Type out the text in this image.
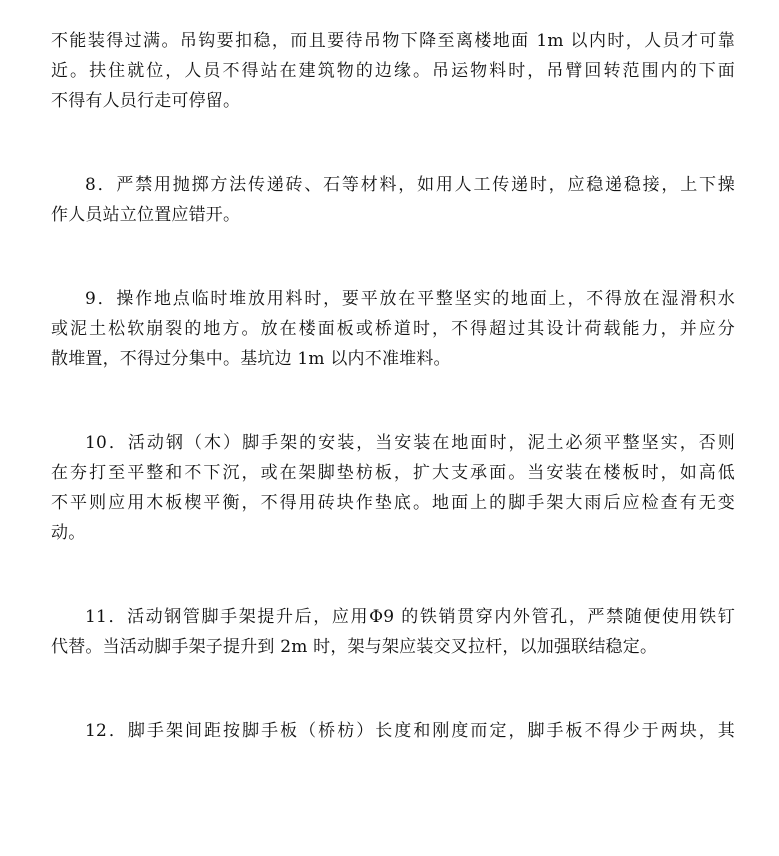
不能装得过满。吊钩要扣稳，而且要待吊物下降至离楼地面 1m 以内时，人员才可靠
近。扶住就位，人员不得站在建筑物的边缘。吊运物料时，吊臂回转范围内的下面
不得有人员行走可停留。

8．严禁用抛掷方法传递砖、石等材料，如用人工传递时，应稳递稳接，上下操
作人员站立位置应错开。

9．操作地点临时堆放用料时，要平放在平整坚实的地面上，不得放在湿滑积水
或泥土松软崩裂的地方。放在楼面板或桥道时，不得超过其设计荷载能力，并应分
散堆置，不得过分集中。基坑边 1m 以内不准堆料。

10．活动钢（木）脚手架的安装，当安装在地面时，泥土必须平整坚实，否则
在夯打至平整和不下沉，或在架脚垫枋板，扩大支承面。当安装在楼板时，如高低
不平则应用木板楔平衡，不得用砖块作垫底。地面上的脚手架大雨后应检查有无变
动。

11．活动钢管脚手架提升后，应用Φ9 的铁销贯穿内外管孔，严禁随便使用铁钉
代替。当活动脚手架子提升到 2m 时，架与架应装交叉拉杆，以加强联结稳定。

12．脚手架间距按脚手板（桥枋）长度和刚度而定，脚手板不得少于两块，其
